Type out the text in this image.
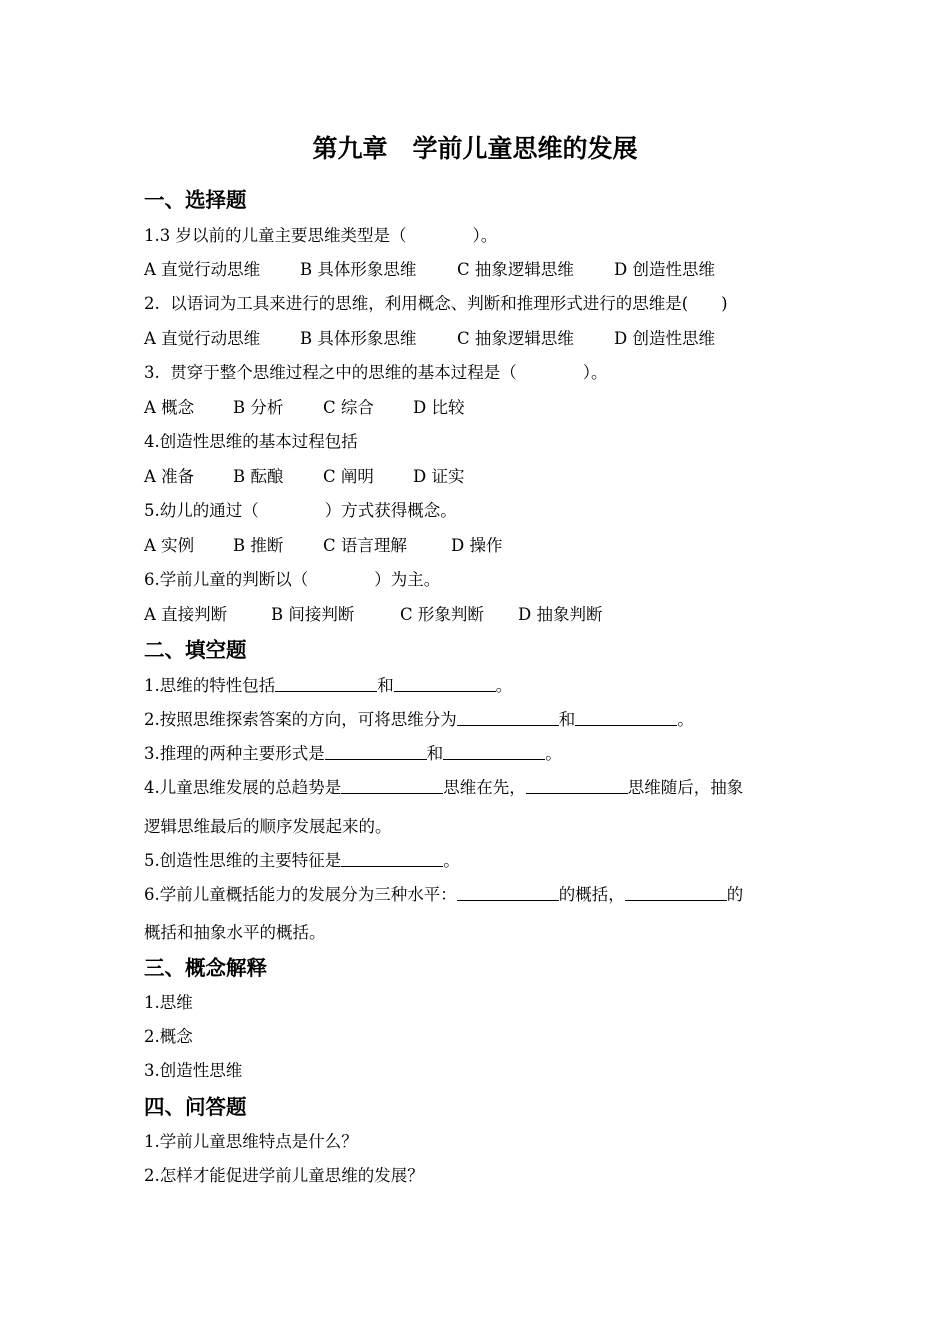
第九章　学前儿童思维的发展
一、选择题
1.3 岁以前的儿童主要思维类型是（　　　　）。

A 直觉行动思维

B 具体形象思维

C 抽象逻辑思维

D 创造性思维

2.  以语词为工具来进行的思维，利用概念、判断和推理形式进行的思维是(　　)

A 直觉行动思维

B 具体形象思维

C 抽象逻辑思维

D 创造性思维

3.  贯穿于整个思维过程之中的思维的基本过程是（　　　　）。

A 概念

B 分析

C 综合

D 比较

4.创造性思维的基本过程包括

A 准备

B 酝酿

C 阐明

D 证实

5.幼儿的通过（　　　　）方式获得概念。

A 实例

B 推断

C 语言理解

	D 操作

6.学前儿童的判断以（　　　　）为主。

A 直接判断

	B 间接判断

	C 形象判断

D 抽象判断

二、填空题
1.思维的特性包括	和	。
2.按照思维探索答案的方向，可将思维分为	和	。
3.推理的两种主要形式是	和	。
4.儿童思维发展的总趋势是	思维在先，	思维随后，抽象
逻辑思维最后的顺序发展起来的。
5.创造性思维的主要特征是	。
6.学前儿童概括能力的发展分为三种水平：	的概括，	的
概括和抽象水平的概括。
三、概念解释
1.思维
2.概念
3.创造性思维
四、问答题
1.学前儿童思维特点是什么？
2.怎样才能促进学前儿童思维的发展？
